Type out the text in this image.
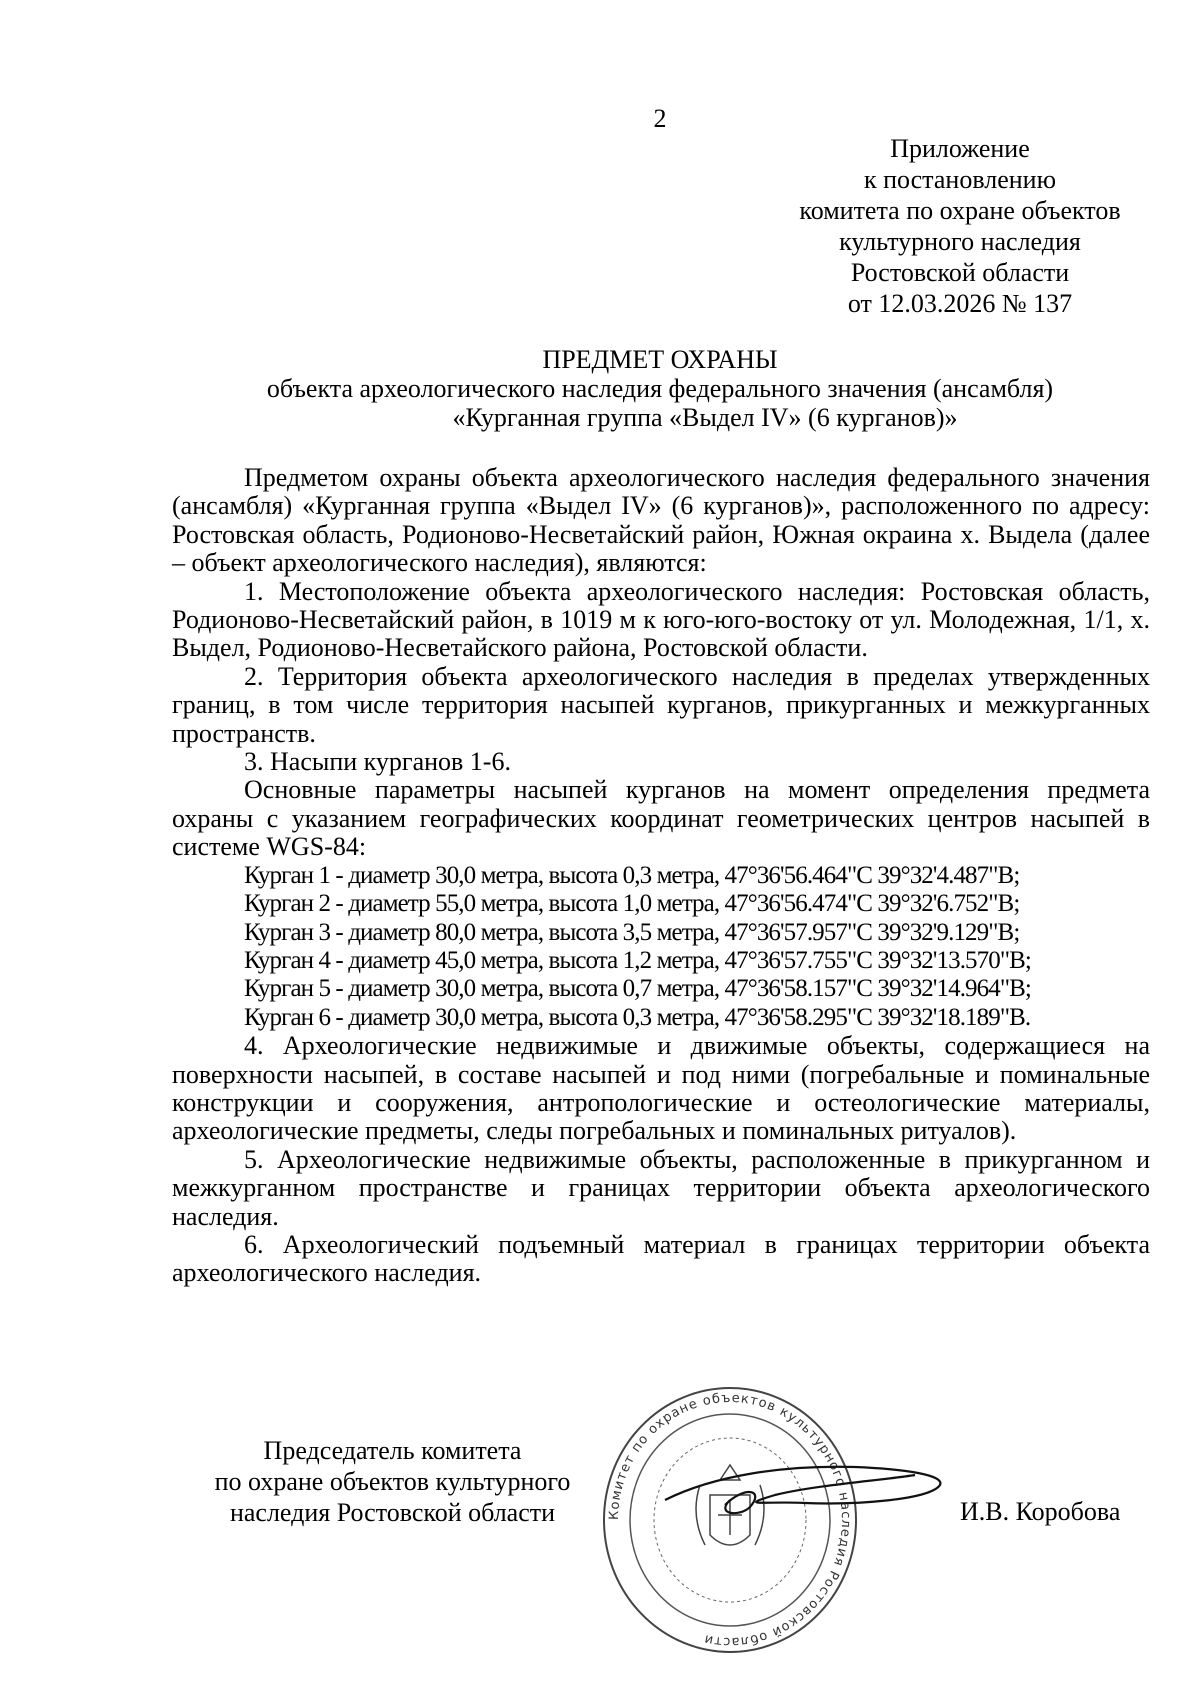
2
Приложение
к постановлению
комитета по охране объектов
культурного наследия
Ростовской области
от 12.03.2026 № 137
ПРЕДМЕТ ОХРАНЫ
объекта археологического наследия федерального значения (ансамбля)
«Курганная группа «Выдел IV» (6 курганов)»

Предметом охраны объекта археологического наследия федерального значения (ансамбля) «Курганная группа «Выдел IV» (6 курганов)», расположенного по адресу: Ростовская область, Родионово-Несветайский район, Южная окраина х. Выдела (далее – объект археологического наследия), являются:

1. Местоположение объекта археологического наследия: Ростовская область, Родионово-Несветайский район, в 1019 м к юго-юго-востоку от ул. Молодежная, 1/1, х. Выдел, Родионово-Несветайского района, Ростовской области.

2. Территория объекта археологического наследия в пределах утвержденных границ, в том числе территория насыпей курганов, прикурганных и межкурганных пространств.

3. Насыпи курганов 1-6.

Основные параметры насыпей курганов на момент определения предмета охраны с указанием географических координат геометрических центров насыпей в системе WGS-84:

Курган 1 - диаметр 30,0 метра, высота 0,3 метра, 47°36'56.464"С 39°32'4.487"В;

Курган 2 - диаметр 55,0 метра, высота 1,0 метра, 47°36'56.474"С 39°32'6.752"В;

Курган 3 - диаметр 80,0 метра, высота 3,5 метра, 47°36'57.957"С 39°32'9.129"В;

Курган 4 - диаметр 45,0 метра, высота 1,2 метра, 47°36'57.755"С 39°32'13.570"В;

Курган 5 - диаметр 30,0 метра, высота 0,7 метра, 47°36'58.157"С 39°32'14.964"В;

Курган 6 - диаметр 30,0 метра, высота 0,3 метра, 47°36'58.295"С 39°32'18.189"В.

4. Археологические недвижимые и движимые объекты, содержащиеся на поверхности насыпей, в составе насыпей и под ними (погребальные и поминальные конструкции и сооружения, антропологические и остеологические материалы, археологические предметы, следы погребальных и поминальных ритуалов).

5. Археологические недвижимые объекты, расположенные в прикурганном и межкурганном пространстве и границах территории объекта археологического наследия.

6. Археологический подъемный материал в границах территории объекта археологического наследия.

Председатель комитета
по охране объектов культурного
наследия Ростовской области	Комитет по охране объектов культурного наследия Ростовской области
И.В. Коробова
